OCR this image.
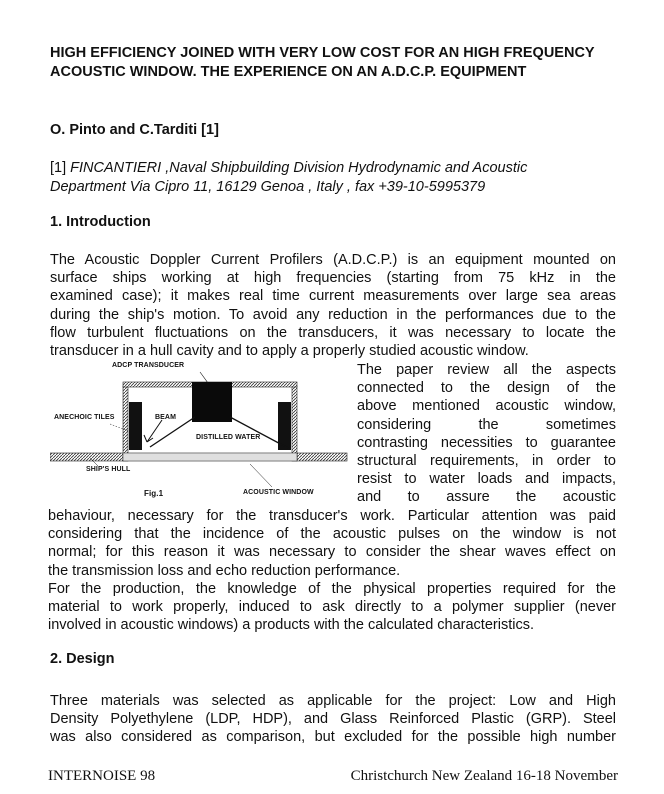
HIGH EFFICIENCY JOINED WITH VERY LOW COST FOR AN HIGH FREQUENCY ACOUSTIC WINDOW. THE EXPERIENCE ON AN A.D.C.P. EQUIPMENT
O. Pinto and C.Tarditi [1]
[1] FINCANTIERI ,Naval Shipbuilding Division Hydrodynamic and Acoustic
Department Via Cipro 11, 16129 Genoa , Italy , fax +39-10-5995379
1. Introduction
The Acoustic Doppler Current Profilers (A.D.C.P.) is an equipment mounted on
surface ships working at high frequencies (starting from 75 kHz in the
examined case); it makes real time current measurements over large sea areas
during the ship's motion. To avoid any reduction in the performances due to the
flow turbulent fluctuations on the transducers, it was necessary to locate the
transducer in a hull cavity and to apply a properly studied acoustic window.
ADCP TRANSDUCER
ANECHOIC TILES	BEAM
DISTILLED WATER
SHIP'S HULL
ACOUSTIC WINDOW
Fig.1
The paper review all the aspects
connected to the design of the
above mentioned acoustic window,
considering the sometimes
contrasting necessities to guarantee
structural requirements, in order to
resist to water loads and impacts,
and to assure the acoustic
behaviour, necessary for the transducer's work. Particular attention was paid
considering that the incidence of the acoustic pulses on the window is not
normal; for this reason it was necessary to consider the shear waves effect on
the transmission loss and echo reduction performance.
For the production, the knowledge of the physical properties required for the
material to work properly, induced to ask directly to a polymer supplier (never
involved in acoustic windows) a products with the calculated characteristics.
2. Design
Three materials was selected as applicable for the project: Low and High
Density Polyethylene (LDP, HDP), and Glass Reinforced Plastic (GRP). Steel
was also considered as comparison, but excluded for the possible high number
INTERNOISE 98	Christchurch New Zealand 16-18 November
